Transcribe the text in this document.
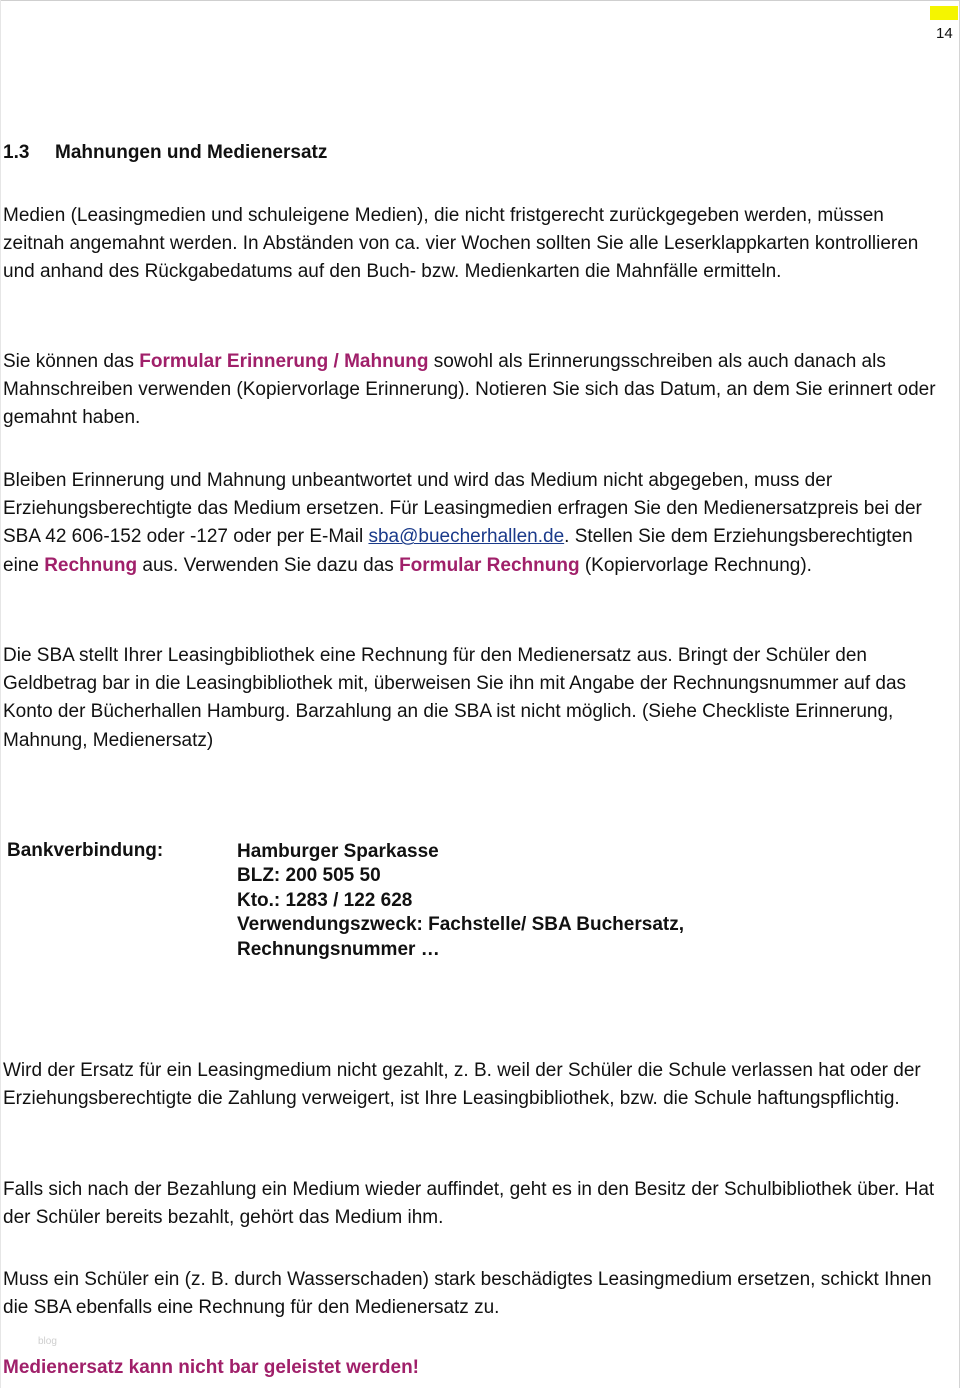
14
1.3 Mahnungen und Medienersatz

Medien (Leasingmedien und schuleigene Medien), die nicht fristgerecht zurückgegeben werden, müssen zeitnah angemahnt werden. In Abständen von ca. vier Wochen sollten Sie alle Leserklappkarten kontrollieren und anhand des Rückgabedatums auf den Buch- bzw. Medienkarten die Mahnfälle ermitteln.

Sie können das Formular Erinnerung / Mahnung sowohl als Erinnerungsschreiben als auch danach als Mahnschreiben verwenden (Kopiervorlage Erinnerung). Notieren Sie sich das Datum, an dem Sie erinnert oder gemahnt haben.

Bleiben Erinnerung und Mahnung unbeantwortet und wird das Medium nicht abgegeben, muss der Erziehungsberechtigte das Medium ersetzen. Für Leasingmedien erfragen Sie den Medienersatzpreis bei der SBA 42 606-152 oder -127 oder per E-Mail sba@buecherhallen.de. Stellen Sie dem Erziehungsberechtigten eine Rechnung aus. Verwenden Sie dazu das Formular Rechnung (Kopiervorlage Rechnung).

Die SBA stellt Ihrer Leasingbibliothek eine Rechnung für den Medienersatz aus. Bringt der Schüler den Geldbetrag bar in die Leasingbibliothek mit, überweisen Sie ihn mit Angabe der Rechnungsnummer auf das Konto der Bücherhallen Hamburg. Barzahlung an die SBA ist nicht möglich. (Siehe Checkliste Erinnerung, Mahnung, Medienersatz)

Bankverbindung:	Hamburger Sparkasse
BLZ: 200 505 50
Kto.: 1283 / 122 628
Verwendungszweck: Fachstelle/ SBA Buchersatz,
Rechnungsnummer …

Wird der Ersatz für ein Leasingmedium nicht gezahlt, z. B. weil der Schüler die Schule verlassen hat oder der Erziehungsberechtigte die Zahlung verweigert, ist Ihre Leasingbibliothek, bzw. die Schule haftungspflichtig.

Falls sich nach der Bezahlung ein Medium wieder auffindet, geht es in den Besitz der Schulbibliothek über. Hat der Schüler bereits bezahlt, gehört das Medium ihm.

Muss ein Schüler ein (z. B. durch Wasserschaden) stark beschädigtes Leasingmedium ersetzen, schickt Ihnen die SBA ebenfalls eine Rechnung für den Medienersatz zu.

blog
Medienersatz kann nicht bar geleistet werden!
